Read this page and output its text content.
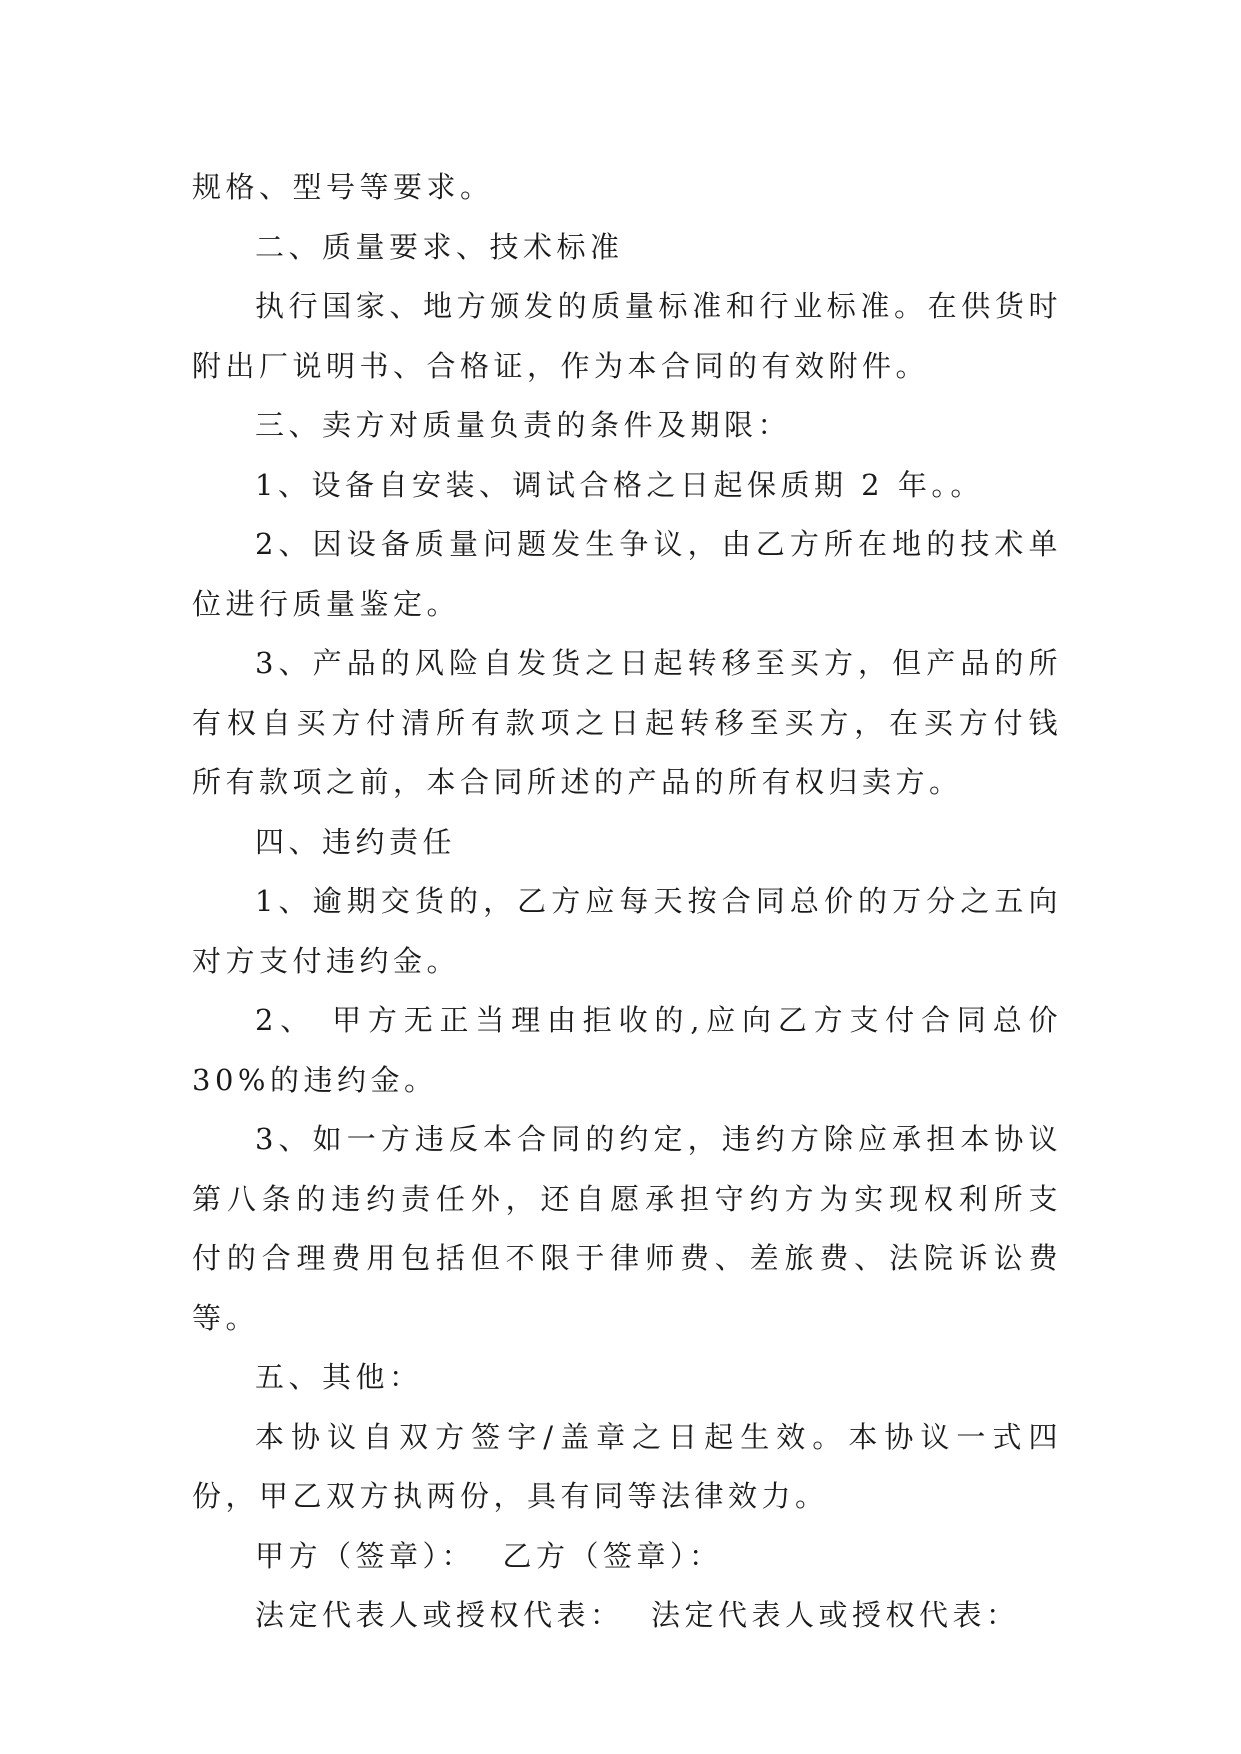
规格、型号等要求。

二、质量要求、技术标准

执行国家、地方颁发的质量标准和行业标准。在供货时附出厂说明书、合格证，作为本合同的有效附件。

三、卖方对质量负责的条件及期限：

1、设备自安装、调试合格之日起保质期 2 年。。

2、因设备质量问题发生争议，由乙方所在地的技术单位进行质量鉴定。

3、产品的风险自发货之日起转移至买方，但产品的所有权自买方付清所有款项之日起转移至买方，在买方付钱所有款项之前，本合同所述的产品的所有权归卖方。

四、违约责任

1、逾期交货的，乙方应每天按合同总价的万分之五向对方支付违约金。

2、 甲方无正当理由拒收的,应向乙方支付合同总价30%的违约金。

3、如一方违反本合同的约定，违约方除应承担本协议第八条的违约责任外，还自愿承担守约方为实现权利所支付的合理费用包括但不限于律师费、差旅费、法院诉讼费等。

五、其他：

本协议自双方签字/盖章之日起生效。本协议一式四份，甲乙双方执两份，具有同等法律效力。

甲方（签章）： 乙方（签章）：

法定代表人或授权代表： 法定代表人或授权代表：
